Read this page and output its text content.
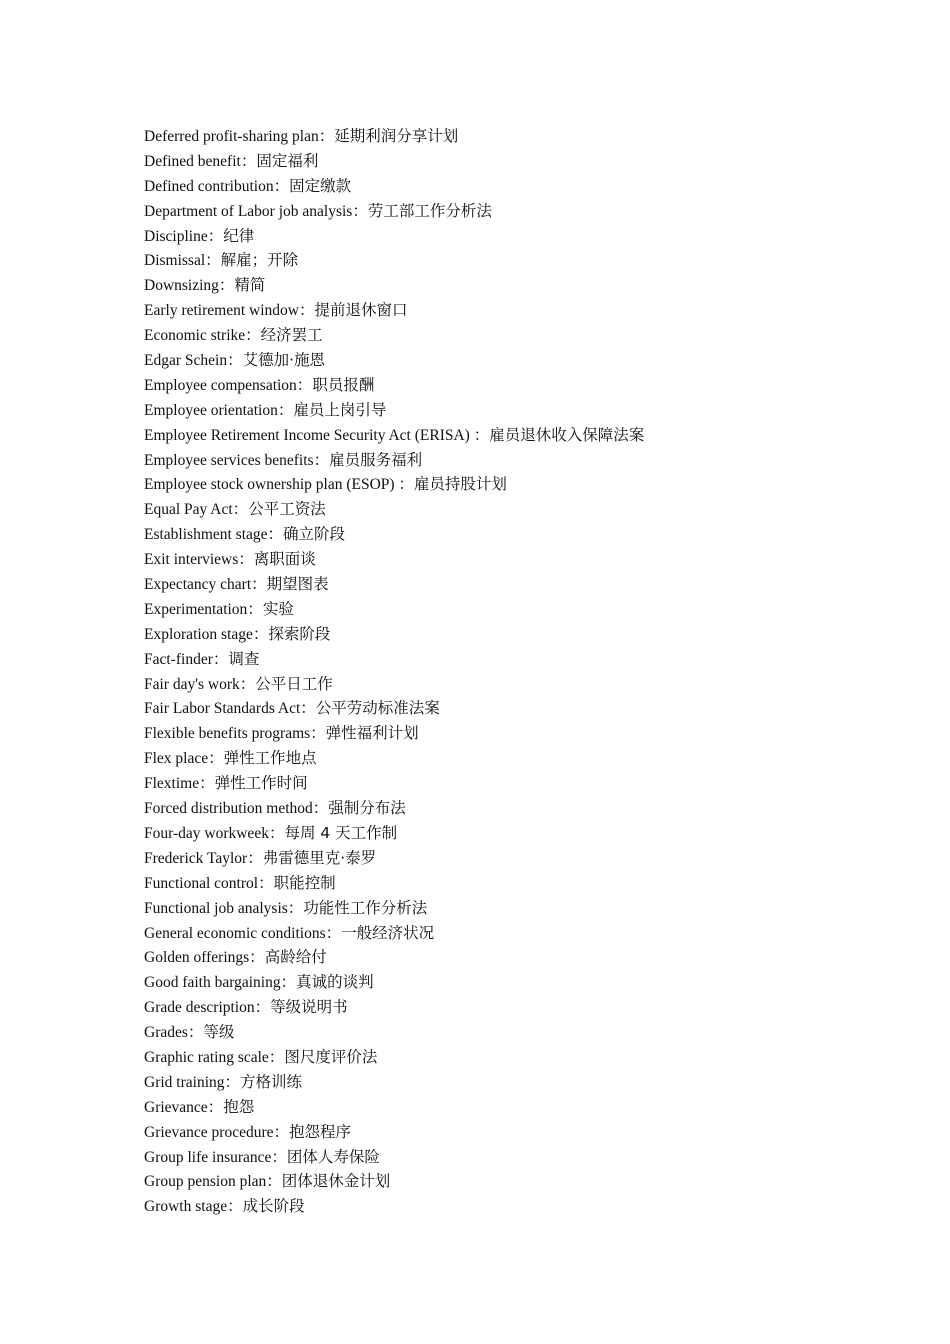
Deferred profit-sharing plan：延期利润分享计划
Defined benefit：固定福利
Defined contribution：固定缴款
Department of Labor job analysis：劳工部工作分析法
Discipline：纪律
Dismissal：解雇；开除
Downsizing：精简
Early retirement window：提前退休窗口
Economic strike：经济罢工
Edgar Schein：艾德加·施恩
Employee compensation：职员报酬
Employee orientation：雇员上岗引导
Employee Retirement Income Security Act (ERISA) ：雇员退休收入保障法案
Employee services benefits：雇员服务福利
Employee stock ownership plan (ESOP) ：雇员持股计划
Equal Pay Act：公平工资法
Establishment stage：确立阶段
Exit interviews：离职面谈
Expectancy chart：期望图表
Experimentation：实验
Exploration stage：探索阶段
Fact-finder：调查
Fair day's work：公平日工作
Fair Labor Standards Act：公平劳动标准法案
Flexible benefits programs：弹性福利计划
Flex place：弹性工作地点
Flextime：弹性工作时间
Forced distribution method：强制分布法
Four-day workweek：每周 4 天工作制
Frederick Taylor：弗雷德里克·泰罗
Functional control：职能控制
Functional job analysis：功能性工作分析法
General economic conditions：一般经济状况
Golden offerings：高龄给付
Good faith bargaining：真诚的谈判
Grade description：等级说明书
Grades：等级
Graphic rating scale：图尺度评价法
Grid training：方格训练
Grievance：抱怨
Grievance procedure：抱怨程序
Group life insurance：团体人寿保险
Group pension plan：团体退休金计划
Growth stage：成长阶段
